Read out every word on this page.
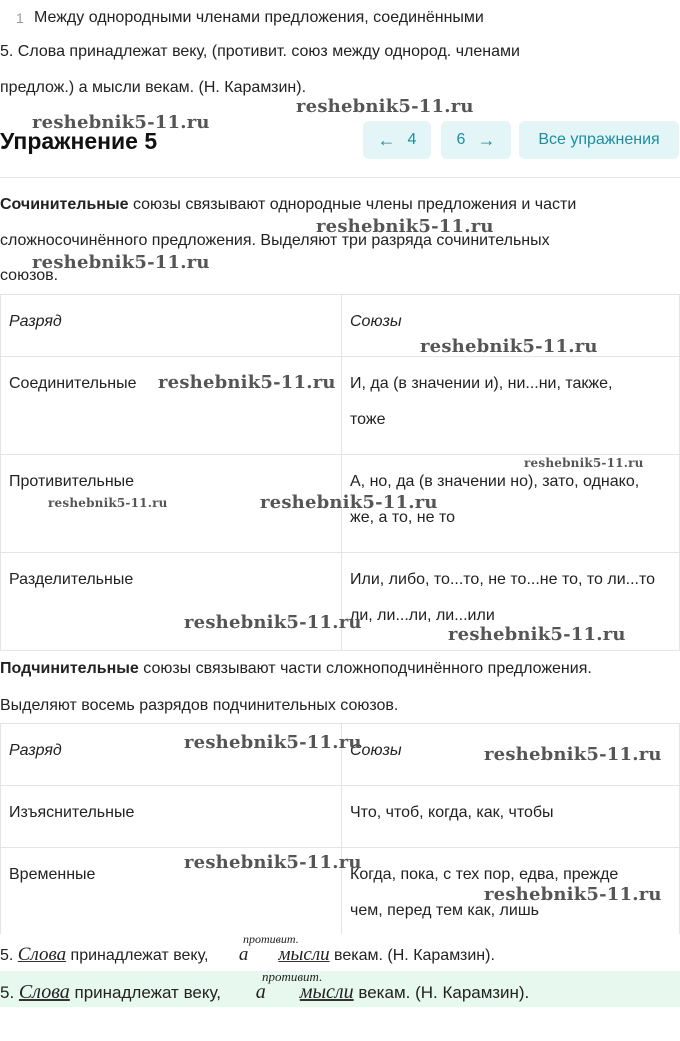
1 Между однородными членами предложения, соединёнными
5. Слова принадлежат веку, (противит. союз между однород. членами
предлож.) а мысли векам. (Н. Карамзин).
Упражнение 5	← 4	6 →	Все упражнения
Сочинительные союзы связывают однородные члены предложения и части
сложносочинённого предложения. Выделяют три разряда сочинительных
союзов.
Разряд	Союзы
Соединительные	И, да (в значении и), ни...ни, также,
тоже

Противительные	А, но, да (в значении но), зато, однако,
же, а то, не то

Разделительные	Или, либо, то...то, не то...не то, то ли...то
ли, ли...ли, ли...или
Подчинительные союзы связывают части сложноподчинённого предложения.
Выделяют восемь разрядов подчинительных союзов.
Разряд	Союзы
Изъяснительные	Что, чтоб, когда, как, чтобы
Временные	Когда, пока, с тех пор, едва, прежде
чем, перед тем как, лишь
5. Слова принадлежат веку, а мысли векам. (Н. Карамзин).
противит.
5. Слова принадлежат веку, а мысли векам. (Н. Карамзин).
противит.
reshebnik5-11.ru
reshebnik5-11.ru
reshebnik5-11.ru
reshebnik5-11.ru
reshebnik5-11.ru
reshebnik5-11.ru
reshebnik5-11.ru
reshebnik5-11.ru	reshebnik5-11.ru
reshebnik5-11.ru
reshebnik5-11.ru
reshebnik5-11.ru
reshebnik5-11.ru
reshebnik5-11.ru
reshebnik5-11.ru
